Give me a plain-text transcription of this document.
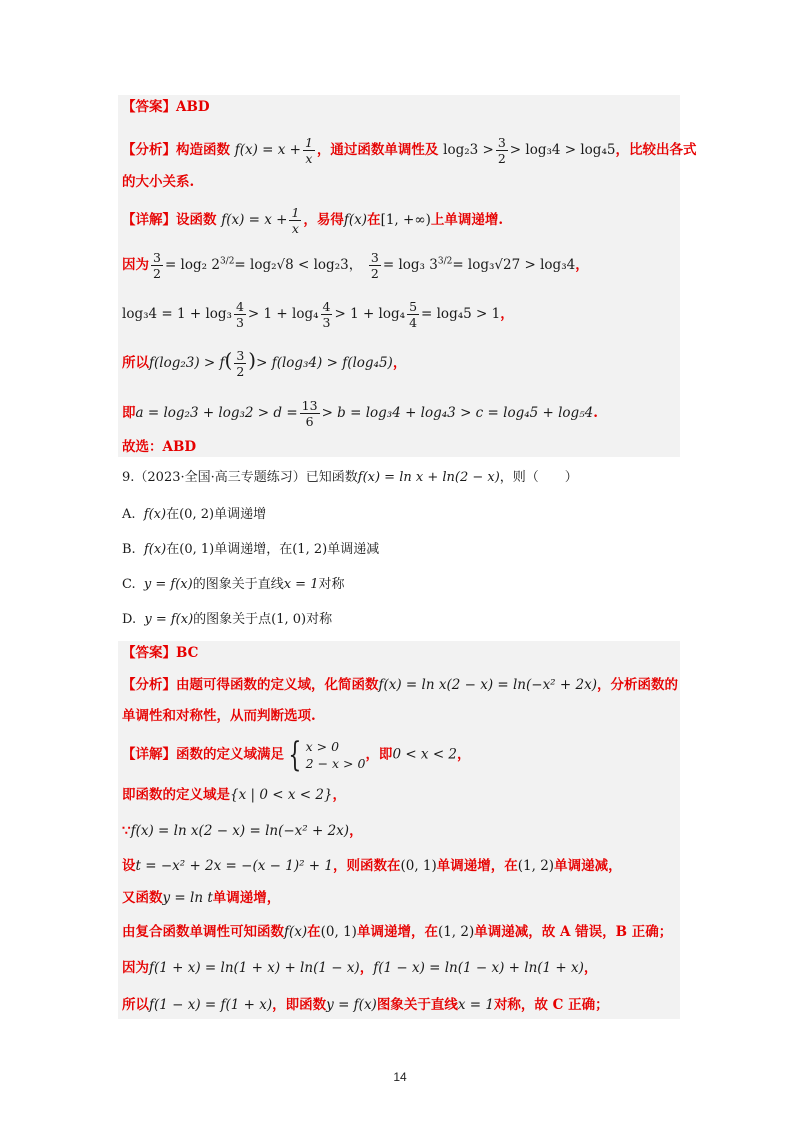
【答案】ABD
【分析】构造函数 $f(x) = x + \frac{1}{x}$ ，通过函数单调性及 $\log_23 > \frac{3}{2} > \log_34 > \log_45$，比较出各式
的大小关系.
【详解】设函数 $f(x) = x + \frac{1}{x}$ ，易得f(x)在[1, +∞)上单调递增.
因为 $\frac{3}{2} = \log_2$ $2^{3/2}= \log_2√8 < \log_23$， $\frac{3}{2} = \log_3$ $3^{3/2}= \log_3√27 > \log_34$，
$\log_34 = 1 + \log_3 \frac{4}{3} > 1 + \log_4 \frac{4}{3} > 1 + \log_4 \frac{5}{4} = \log_45 > 1$，
所以$f(\log_23) > f( \frac{3}{2}$ )> f(log₃4) > f(log₄5)，
即$a = \log_23 + \log_32 > d = \frac{13}{6} > b = \log_34 + \log_43 > c = \log_45 + \log_54$.
故选：ABD
9.（2023·全国·高三专题练习）已知函数f(x) = ln x + ln(2 − x)，则（　　）
A. f(x)在(0, 2)单调递增
B. f(x)在(0, 1)单调递增，在(1, 2)单调递减
C. y = f(x)的图象关于直线x = 1对称
D. y = f(x)的图象关于点(1, 0)对称
【答案】BC
【分析】由题可得函数的定义域，化简函数f(x) = ln x(2 − x) = ln(−x² + 2x)，分析函数的
单调性和对称性，从而判断选项.
【详解】函数的定义域满足 { x > 0
2 − x > 0
，即0 < x < 2，
即函数的定义域是{x | 0 < x < 2}，
∵f(x) = ln x(2 − x) = ln(−x² + 2x)，
设t = −x² + 2x = −(x − 1)² + 1，则函数在(0, 1)单调递增，在(1, 2)单调递减，
又函数y = ln t单调递增，
由复合函数单调性可知函数f(x)在(0, 1)单调递增，在(1, 2)单调递减，故 A 错误，B 正确；
因为f(1 + x) = ln(1 + x) + ln(1 − x)，f(1 − x) = ln(1 − x) + ln(1 + x)，
所以f(1 − x) = f(1 + x)，即函数y = f(x)图象关于直线x = 1对称，故 C 正确；
14
